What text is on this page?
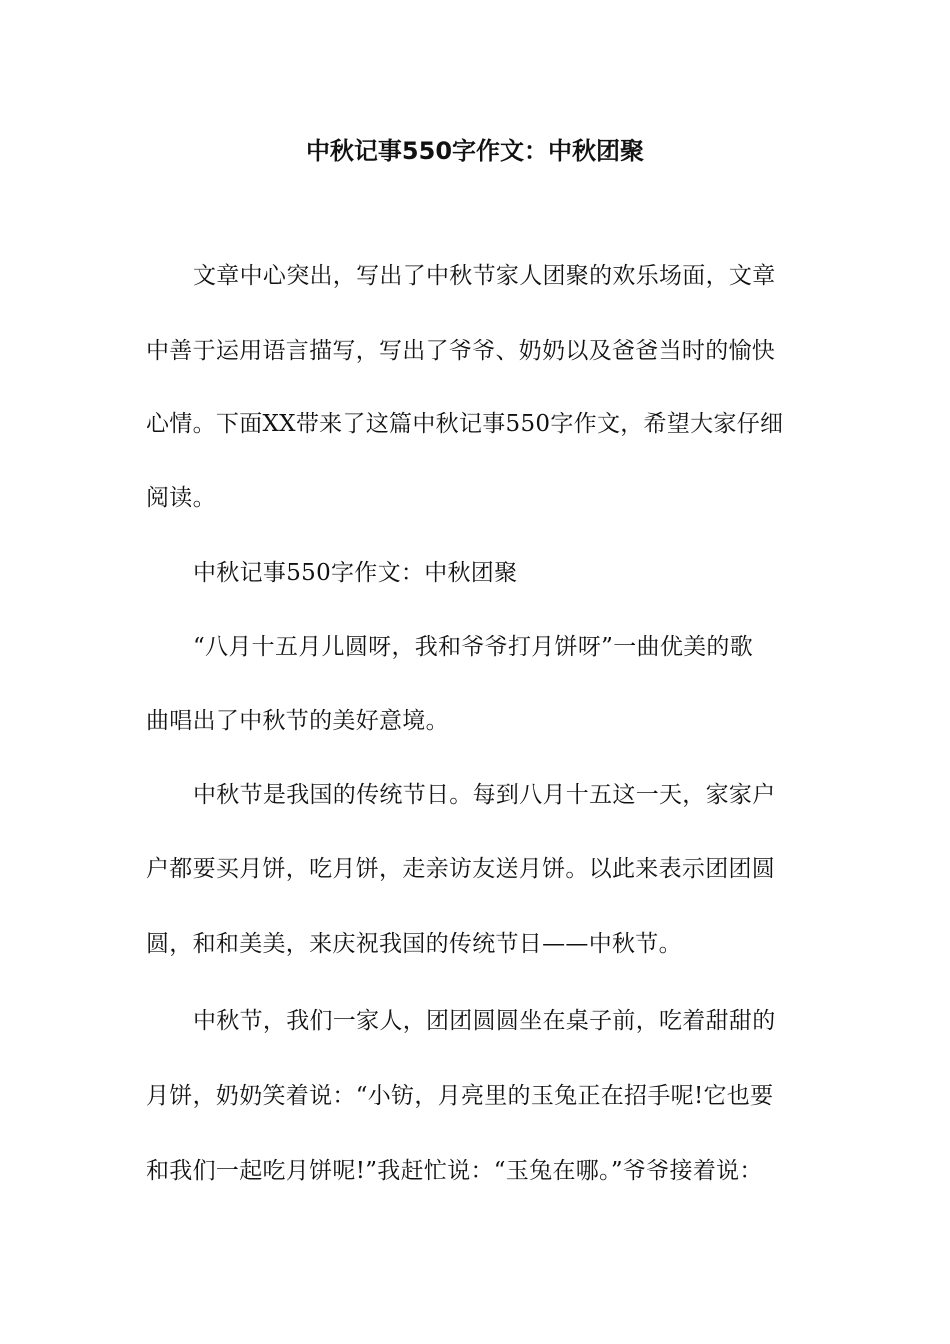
中秋记事550字作文：中秋团聚
文章中心突出，写出了中秋节家人团聚的欢乐场面，文章
中善于运用语言描写，写出了爷爷、奶奶以及爸爸当时的愉快
心情。下面XX带来了这篇中秋记事550字作文，希望大家仔细
阅读。
中秋记事550字作文：中秋团聚
“八月十五月儿圆呀，我和爷爷打月饼呀”一曲优美的歌
曲唱出了中秋节的美好意境。
中秋节是我国的传统节日。每到八月十五这一天，家家户
户都要买月饼，吃月饼，走亲访友送月饼。以此来表示团团圆
圆，和和美美，来庆祝我国的传统节日——中秋节。
中秋节，我们一家人，团团圆圆坐在桌子前，吃着甜甜的
月饼，奶奶笑着说：“小钫，月亮里的玉兔正在招手呢!它也要
和我们一起吃月饼呢!”我赶忙说：“玉兔在哪。”爷爷接着说：
